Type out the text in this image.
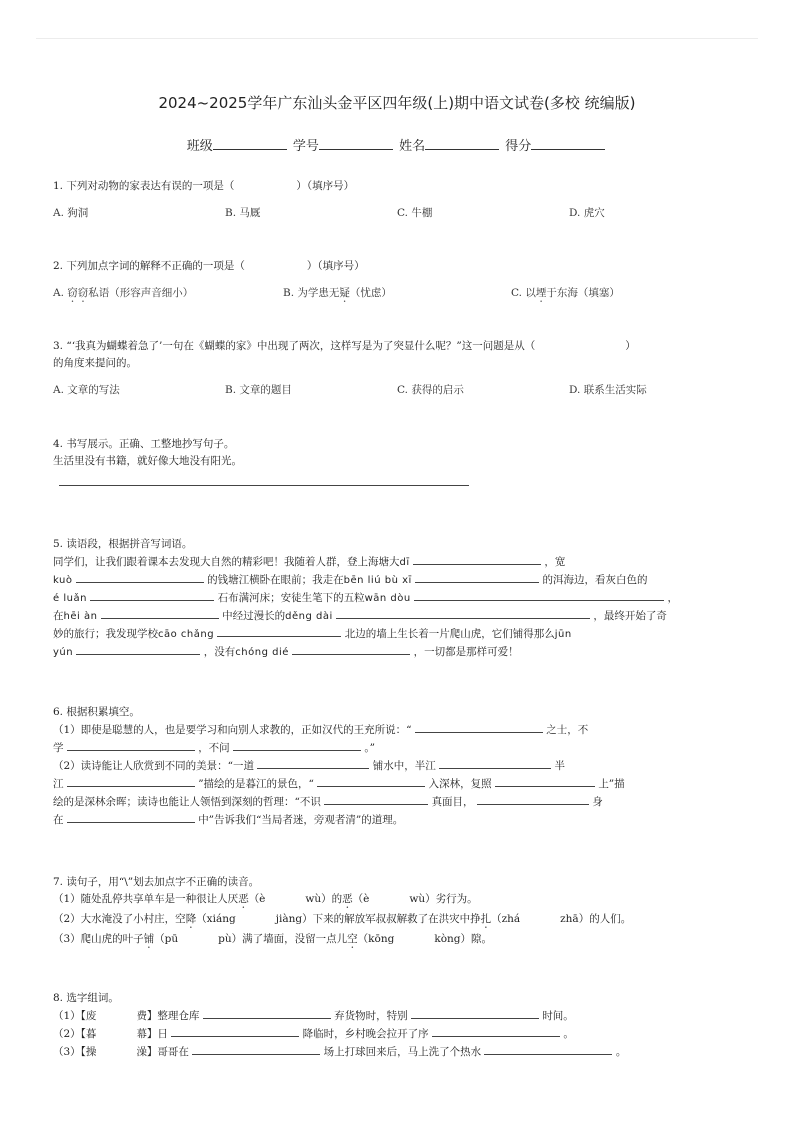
2024~2025学年广东汕头金平区四年级(上)期中语文试卷(多校 统编版)
班级	学号	姓名	得分
1. 下列对动物的家表达有误的一项是（	）（填序号）
A. 狗洞	B. 马厩	C. 牛棚	D. 虎穴
2. 下列加点字词的解释不正确的一项是（	）（填序号）
A. 窃窃私语（形容声音细小）	B. 为学患无疑（忧虑）	C. 以堙于东海（填塞）
3. “‘我真为蝴蝶着急了’一句在《蝴蝶的家》中出现了两次，这样写是为了突显什么呢？”这一问题是从（	）
的角度来提问的。
A. 文章的写法	B. 文章的题目	C. 获得的启示	D. 联系生活实际
4. 书写展示。正确、工整地抄写句子。
生活里没有书籍，就好像大地没有阳光。
5. 读语段，根据拼音写词语。
同学们，让我们跟着课本去发现大自然的精彩吧！我随着人群，登上海塘大dī	，宽
kuò	的钱塘江横卧在眼前；我走在bēn liú bù xī	的洱海边，看灰白色的
é luǎn	石布满河床；安徒生笔下的五粒wān dòu	，
在hēi àn	中经过漫长的děng dài	，最终开始了奇
妙的旅行；我发现学校cāo chǎng	北边的墙上生长着一片爬山虎，它们铺得那么jūn
yún	，没有chóng dié	，一切都是那样可爱！
6. 根据积累填空。
（1）即使是聪慧的人，也是要学习和向别人求教的，正如汉代的王充所说：“	之士，不
学	，不问	。”
（2）读诗能让人欣赏到不同的美景：“一道	铺水中，半江	半
江	”描绘的是暮江的景色，“	入深林，复照	上”描
绘的是深林余晖；读诗也能让人领悟到深刻的哲理：“不识	真面目，	身
在	中”告诉我们“当局者迷，旁观者清”的道理。
7. 读句子，用“\”划去加点字不正确的读音。
（1）随处乱停共享单车是一种很让人厌恶（è	wù）的恶（è	wù）劣行为。
（2）大水淹没了小村庄，空降（xiáng	jiàng）下来的解放军叔叔解救了在洪灾中挣扎（zhá	zhā）的人们。
（3）爬山虎的叶子铺（pū	pù）满了墙面，没留一点儿空（kōng	kòng）隙。
8. 选字组词。
（1）【废	费】整理仓库	弃货物时，特别	时间。
（2）【暮	幕】日	降临时，乡村晚会拉开了序	。
（3）【操	澡】哥哥在	场上打球回来后，马上洗了个热水	。
